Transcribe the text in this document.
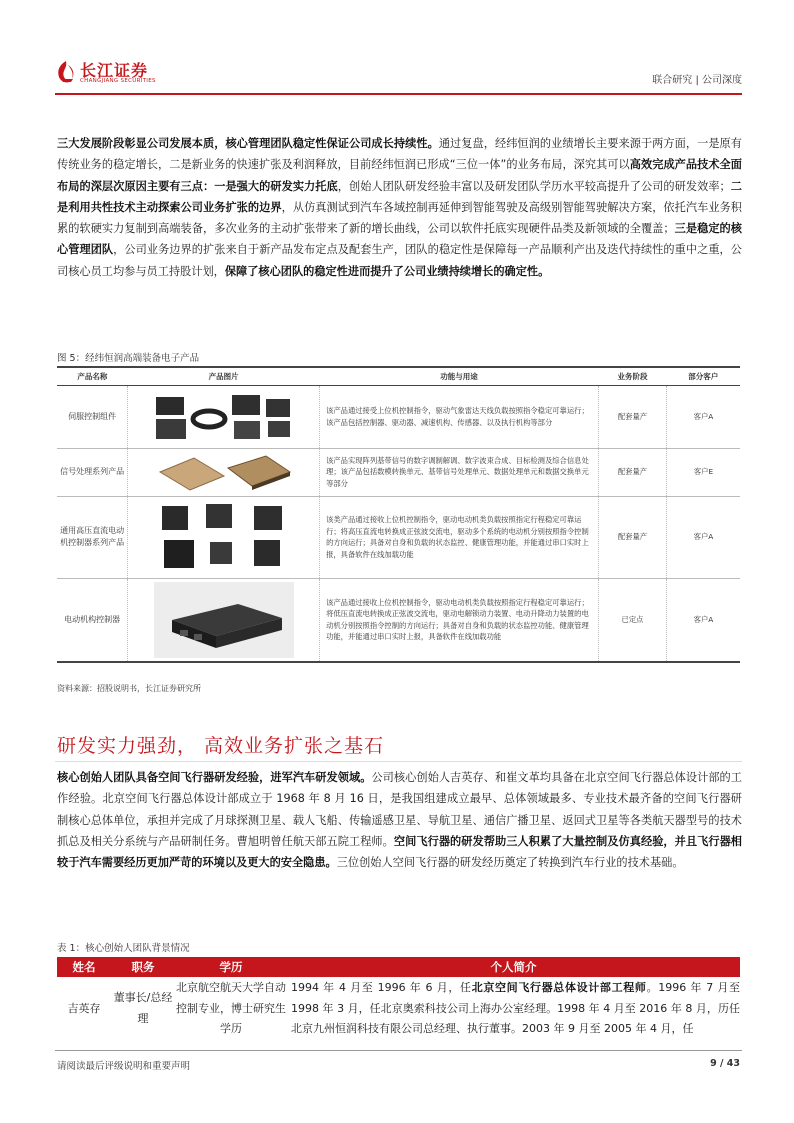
长江证券
CHANGJIANG SECURITIES	联合研究 | 公司深度
三大发展阶段彰显公司发展本质，核心管理团队稳定性保证公司成长持续性。通过复盘，经纬恒润的业绩增长主要来源于两方面，一是原有传统业务的稳定增长，二是新业务的快速扩张及利润释放，目前经纬恒润已形成“三位一体”的业务布局，深究其可以高效完成产品技术全面布局的深层次原因主要有三点：一是强大的研发实力托底，创始人团队研发经验丰富以及研发团队学历水平较高提升了公司的研发效率；二是利用共性技术主动探索公司业务扩张的边界，从仿真测试到汽车各域控制再延伸到智能驾驶及高级别智能驾驶解决方案，依托汽车业务积累的软硬实力复制到高端装备，多次业务的主动扩张带来了新的增长曲线，公司以软件托底实现硬件品类及新领域的全覆盖；三是稳定的核心管理团队，公司业务边界的扩张来自于新产品发布定点及配套生产，团队的稳定性是保障每一产品顺利产出及迭代持续性的重中之重，公司核心员工均参与员工持股计划，保障了核心团队的稳定性进而提升了公司业绩持续增长的确定性。
图 5：经纬恒润高端装备电子产品
产品名称	产品图片	功能与用途	业务阶段	部分客户
伺服控制组件		该产品通过接受上位机控制指令，驱动气象雷达天线负载按照指令稳定可靠运行；该产品包括控制器、驱动器、减速机构、传感器、以及执行机构等部分	配套量产	客户A
信号处理系列产品		该产品实现阵列基带信号的数字调制解调、数字波束合成、目标检测及综合信息处理；该产品包括数模转换单元、基带信号处理单元、数据处理单元和数据交换单元等部分	配套量产	客户E
通用高压直流电动机控制器系列产品		该类产品通过接收上位机控制指令，驱动电动机类负载按照指定行程稳定可靠运行；将高压直流电转换成正弦波交流电，驱动多个系统的电动机分别按照指令控制的方向运行；具备对自身和负载的状态监控、健康管理功能，并能通过串口实时上报，具备软件在线加载功能	配套量产	客户A
电动机构控制器		该产品通过接收上位机控制指令，驱动电动机类负载按照指定行程稳定可靠运行；将低压直流电转换成正弦波交流电，驱动电解锁动力装置、电动升降动力装置的电动机分别按照指令控制的方向运行；具备对自身和负载的状态监控功能、健康管理功能，并能通过串口实时上报，具备软件在线加载功能	已定点	客户A
资料来源：招股说明书，长江证券研究所
研发实力强劲， 高效业务扩张之基石
核心创始人团队具备空间飞行器研发经验，进军汽车研发领域。公司核心创始人吉英存、和崔文革均具备在北京空间飞行器总体设计部的工作经验。北京空间飞行器总体设计部成立于 1968 年 8 月 16 日，是我国组建成立最早、总体领域最多、专业技术最齐备的空间飞行器研制核心总体单位，承担并完成了月球探测卫星、载人飞船、传输遥感卫星、导航卫星、通信广播卫星、返回式卫星等各类航天器型号的技术抓总及相关分系统与产品研制任务。曹旭明曾任航天部五院工程师。空间飞行器的研发帮助三人积累了大量控制及仿真经验，并且飞行器相较于汽车需要经历更加严苛的环境以及更大的安全隐患。三位创始人空间飞行器的研发经历奠定了转换到汽车行业的技术基础。
表 1：核心创始人团队背景情况
姓名	职务	学历	个人简介
吉英存	董事长/总经理	北京航空航天大学自动控制专业，博士研究生学历	1994 年 4 月至 1996 年 6 月，任北京空间飞行器总体设计部工程师。1996 年 7 月至 1998 年 3 月，任北京奥索科技公司上海办公室经理。1998 年 4 月至 2016 年 8 月，历任北京九州恒润科技有限公司总经理、执行董事。2003 年 9 月至 2005 年 4 月，任
请阅读最后评级说明和重要声明	9 / 43
